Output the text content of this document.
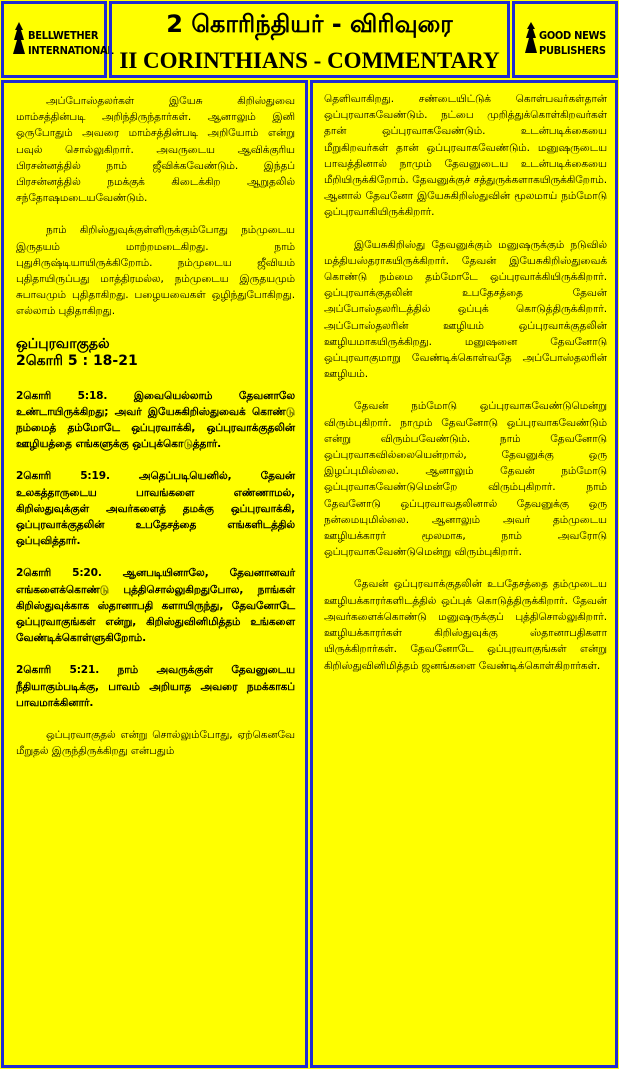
BELLWETHER
INTERNATIONAL
2 கொரிந்தியர் - விரிவுரை
II CORINTHIANS - COMMENTARY
GOOD NEWS
PUBLISHERS

அப்போஸ்தலர்கள் இயேசு கிறிஸ்துவை மாம்சத்தின்படி அறிந்திருந்தார்கள். ஆனாலும் இனி ஒருபோதும் அவரை மாம்சத்தின்படி அறியோம் என்று பவுல் சொல்லுகிறார். அவருடைய ஆவிக்குரிய பிரசன்னத்தில் நாம் ஜீவிக்கவேண்டும். இந்தப் பிரசன்னத்தில் நமக்குக் கிடைக்கிற ஆறுதலில் சந்தோஷமடையவேண்டும்.

நாம் கிறிஸ்துவுக்குள்ளிருக்கும்போது நம்முடைய இருதயம் மாற்றமடைகிறது. நாம் புதுசிருஷ்டியாயிருக்கிறோம். நம்முடைய ஜீவியம் புதிதாயிருப்பது மாத்திரமல்ல, நம்முடைய இருதயமும் சுபாவமும் புதிதாகிறது. பழையவைகள் ஒழிந்துபோகிறது. எல்லாம் புதிதாகிறது.

ஒப்புரவாகுதல்
2கொரி 5 : 18-21

2கொரி 5:18. இவையெல்லாம் தேவனாலே உண்டாயிருக்கிறது; அவர் இயேசுகிறிஸ்துவைக் கொண்டு நம்மைத் தம்மோடே ஒப்புரவாக்கி, ஒப்புரவாக்குதலின் ஊழியத்தை எங்களுக்கு ஒப்புக்கொடுத்தார்.

2கொரி 5:19. அதெப்படியெனில், தேவன் உலகத்தாருடைய பாவங்களை எண்ணாமல், கிறிஸ்துவுக்குள் அவர்களைத் தமக்கு ஒப்புரவாக்கி, ஒப்புரவாக்குதலின் உபதேசத்தை எங்களிடத்தில் ஒப்புவித்தார்.

2கொரி 5:20. ஆனபடியினாலே, தேவனானவர் எங்களைக்கொண்டு புத்திசொல்லுகிறதுபோல, நாங்கள் கிறிஸ்துவுக்காக ஸ்தானாபதி களாயிருந்து, தேவனோடே ஒப்புரவாகுங்கள் என்று, கிறிஸ்துவினிமித்தம் உங்களை வேண்டிக்கொள்ளுகிறோம்.

2கொரி 5:21. நாம் அவருக்குள் தேவனுடைய நீதியாகும்படிக்கு, பாவம் அறியாத அவரை நமக்காகப் பாவமாக்கினார்.

ஒப்புரவாகுதல் என்று சொல்லும்போது, ஏற்கெனவே மீறுதல் இருந்திருக்கிறது என்பதும்

தெளிவாகிறது. சண்டையிட்டுக் கொள்பவர்கள்தான் ஒப்புரவாகவேண்டும். நட்பை முறித்துக்கொள்கிறவர்கள் தான் ஒப்புரவாகவேண்டும். உடன்படிக்கையை மீறுகிறவர்கள் தான் ஒப்புரவாகவேண்டும். மனுஷருடைய பாவத்தினால் நாமும் தேவனுடைய உடன்படிக்கையை மீறியிருக்கிறோம். தேவனுக்குச் சத்துருக்களாகயிருக்கிறோம். ஆனால் தேவனோ இயேசுகிறிஸ்துவின் மூலமாய் நம்மோடு ஒப்புரவாகியிருக்கிறார்.

இயேசுகிறிஸ்து தேவனுக்கும் மனுஷருக்கும் நடுவில் மத்தியஸ்தராகயிருக்கிறார். தேவன் இயேசுகிறிஸ்துவைக் கொண்டு நம்மை தம்மோடே ஒப்புரவாக்கியிருக்கிறார். ஒப்புரவாக்குதலின் உபதேசத்தை தேவன் அப்போஸ்தலரிடத்தில் ஒப்புக் கொடுத்திருக்கிறார். அப்போஸ்தலரின் ஊழியம் ஒப்புரவாக்குதலின் ஊழியமாகயிருக்கிறது. மனுஷனை தேவனோடு ஒப்புரவாகுமாறு வேண்டிக்கொள்வதே அப்போஸ்தலரின் ஊழியம்.

தேவன் நம்மோடு ஒப்புரவாகவேண்டுமென்று விரும்புகிறார். நாமும் தேவனோடு ஒப்புரவாகவேண்டும் என்று விரும்பவேண்டும். நாம் தேவனோடு ஒப்புரவாகவில்லையென்றால், தேவனுக்கு ஒரு இழப்புமில்லை. ஆனாலும் தேவன் நம்மோடு ஒப்புரவாகவேண்டுமென்றே விரும்புகிறார். நாம் தேவனோடு ஒப்புரவாவதலினால் தேவனுக்கு ஒரு நன்மையுமில்லை. ஆனாலும் அவர் தம்முடைய ஊழியக்காரர் மூலமாக, நாம் அவரோடு ஒப்புரவாகவேண்டுமென்று விரும்புகிறார்.

தேவன் ஒப்புரவாக்குதலின் உபதேசத்தை தம்முடைய ஊழியக்காரர்களிடத்தில் ஒப்புக் கொடுத்திருக்கிறார். தேவன் அவர்களைக்கொண்டு மனுஷருக்குப் புத்திசொல்லுகிறார். ஊழியக்காரர்கள் கிறிஸ்துவுக்கு ஸ்தானாபதிகளா யிருக்கிறார்கள். தேவனோடே ஒப்புரவாகுங்கள் என்று கிறிஸ்துவினிமித்தம் ஜனங்களை வேண்டிக்கொள்கிறார்கள்.
